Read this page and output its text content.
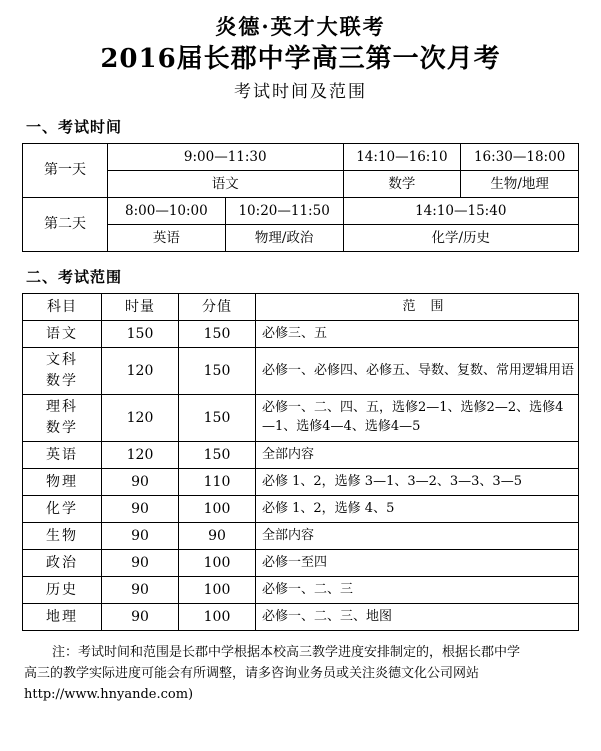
炎德·英才大联考
2016届长郡中学高三第一次月考
考试时间及范围
一、考试时间
第一天	9:00—11:30		14:10—16:10	16:30—18:00
	语文		数学	生物/地理
第二天	8:00—10:00	10:20—11:50	14:10—15:40	
	英语	物理/政治	化学/历史	
二、考试范围
科目	时量	分值	范　围
语文	150	150	必修三、五

文科
数学	120	150	必修一、必修四、必修五、导数、复数、常用逻辑用语

理科
数学	120	150	必修一、二、四、五，选修2—1、选修2—2、选修4—1、选修4—4、选修4—5
英语	120	150	全部内容
物理	90	110	必修 1、2，选修 3—1、3—2、3—3、3—5
化学	90	100	必修 1、2，选修 4、5
生物	90	90	全部内容
政治	90	100	必修一至四
历史	90	100	必修一、二、三
地理	90	100	必修一、二、三、地图
注：考试时间和范围是长郡中学根据本校高三教学进度安排制定的，根据长郡中学
高三的教学实际进度可能会有所调整，请多咨询业务员或关注炎德文化公司网站
http://www.hnyande.com)
